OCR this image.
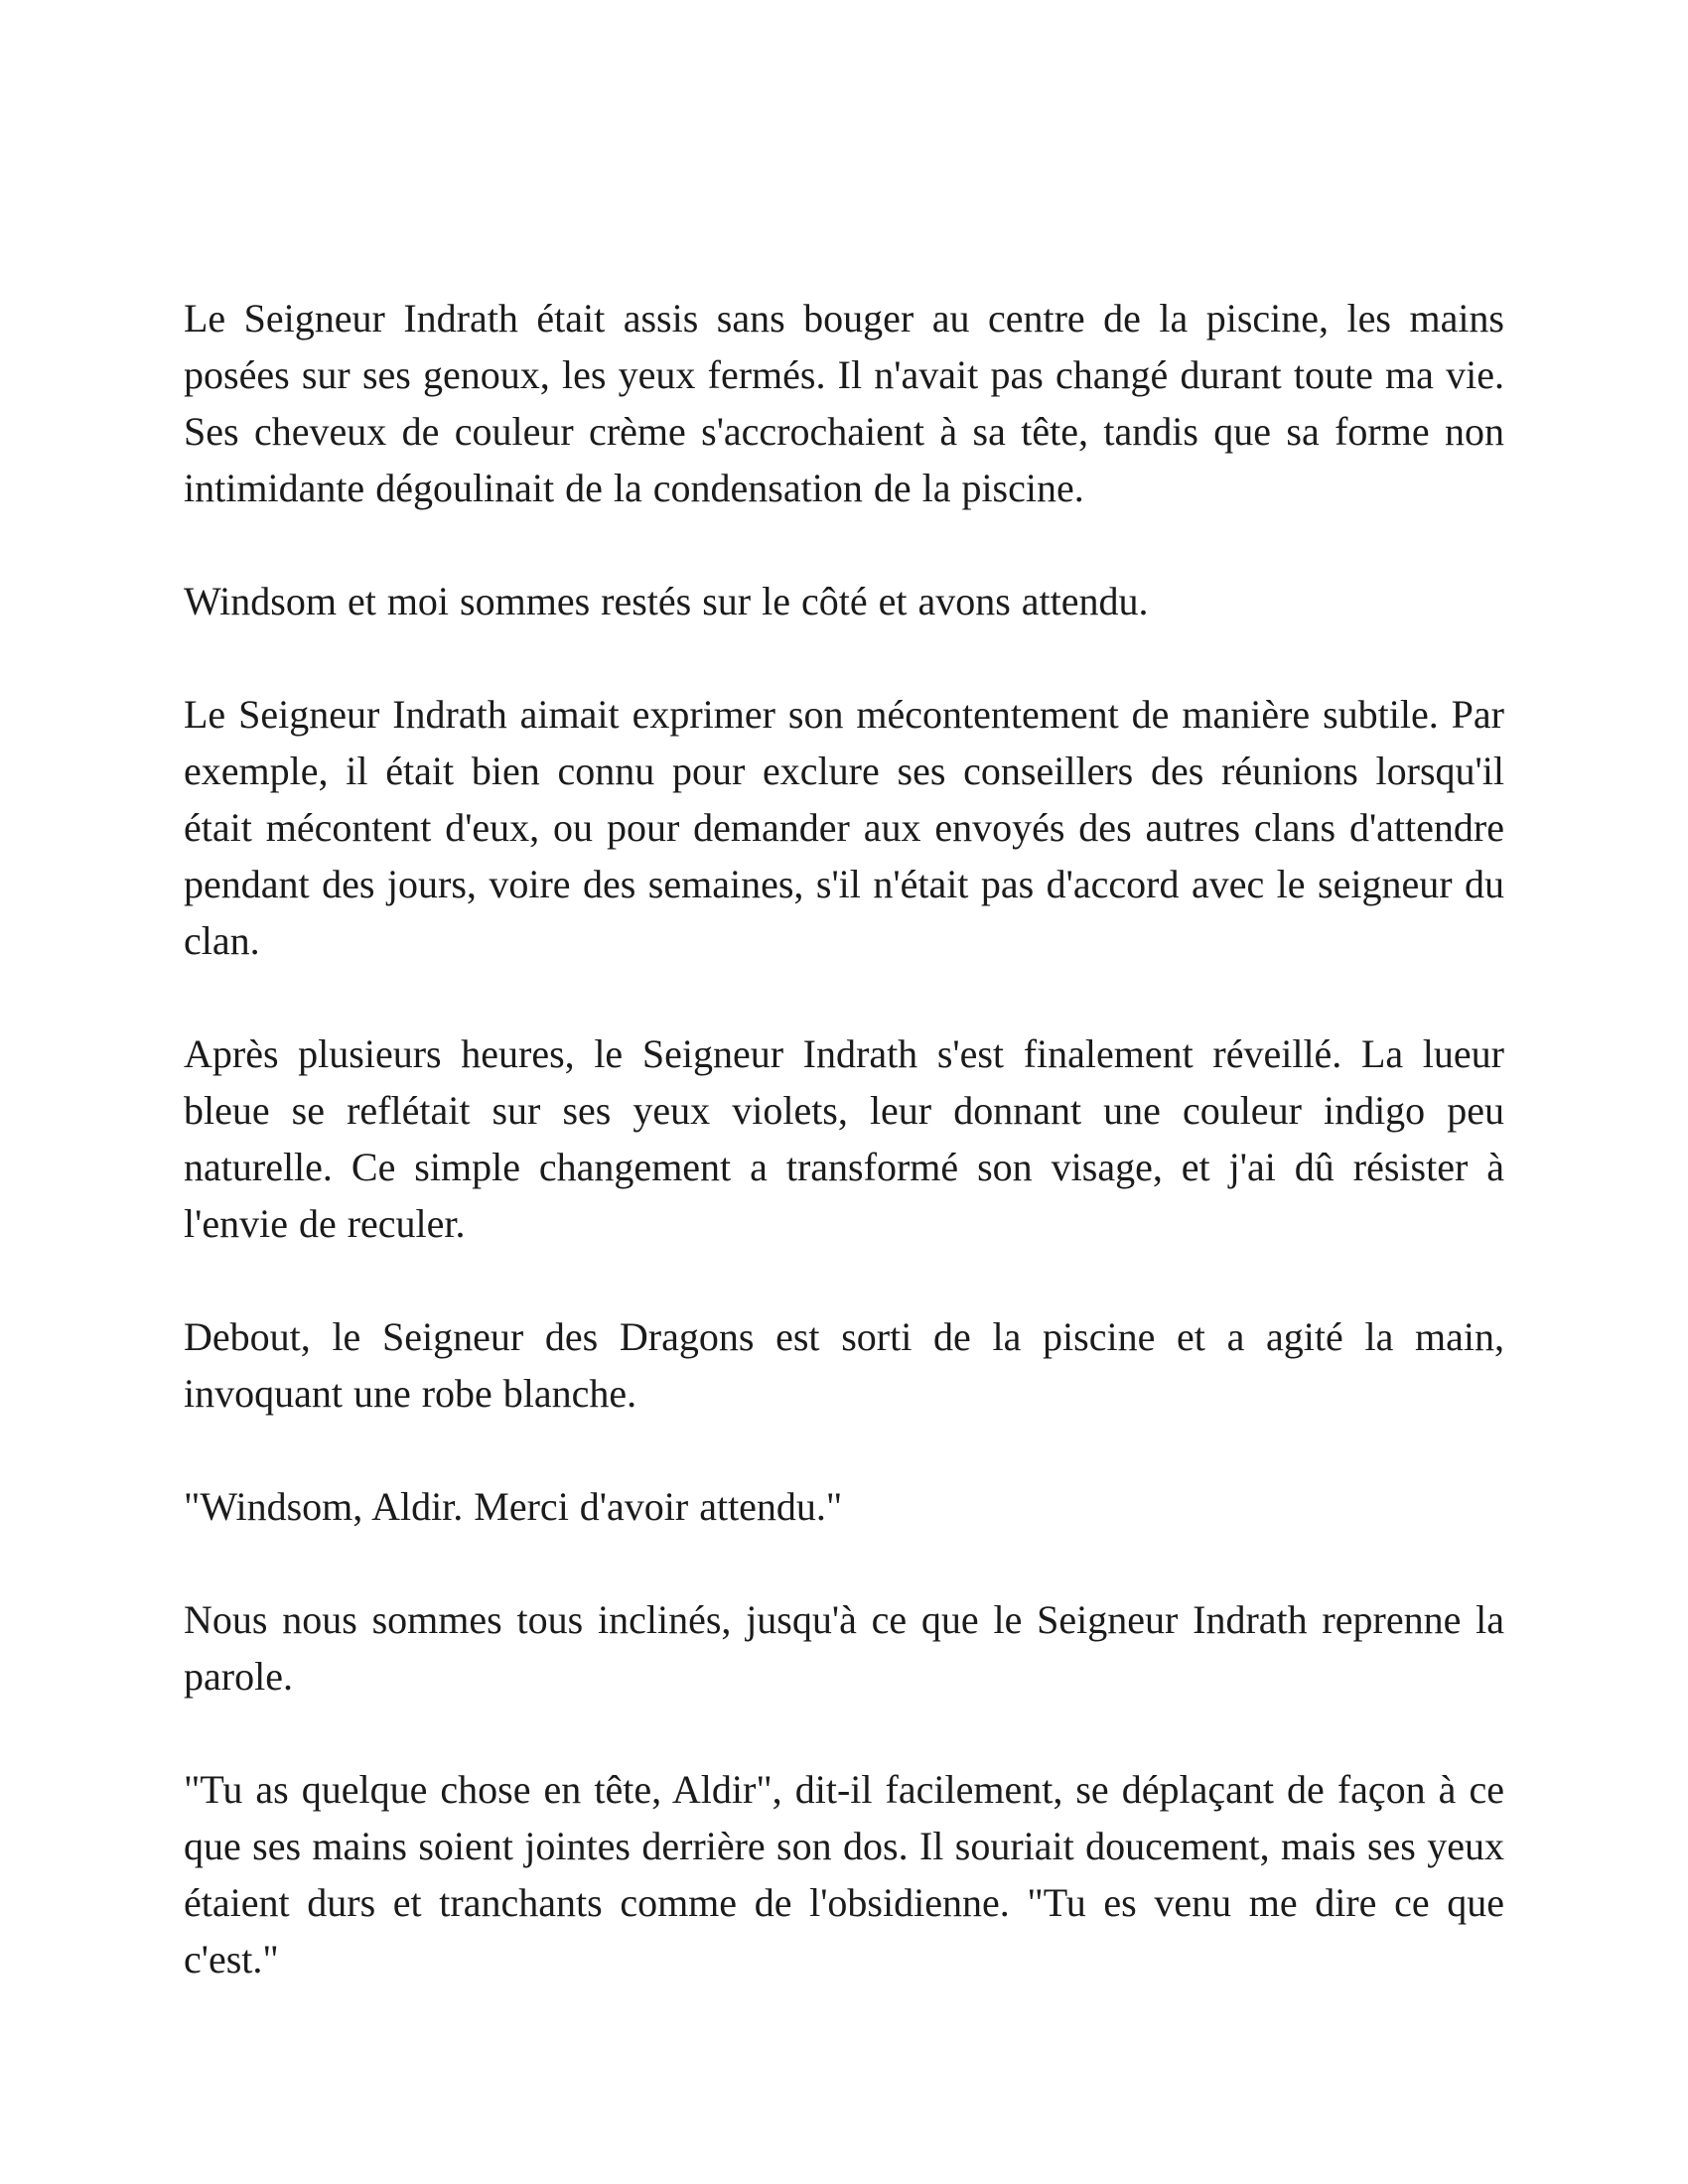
Le Seigneur Indrath était assis sans bouger au centre de la piscine, les mains posées sur ses genoux, les yeux fermés. Il n'avait pas changé durant toute ma vie. Ses cheveux de couleur crème s'accrochaient à sa tête, tandis que sa forme non intimidante dégoulinait de la condensation de la piscine.

Windsom et moi sommes restés sur le côté et avons attendu.

Le Seigneur Indrath aimait exprimer son mécontentement de manière subtile. Par exemple, il était bien connu pour exclure ses conseillers des réunions lorsqu'il était mécontent d'eux, ou pour demander aux envoyés des autres clans d'attendre pendant des jours, voire des semaines, s'il n'était pas d'accord avec le seigneur du clan.

Après plusieurs heures, le Seigneur Indrath s'est finalement réveillé. La lueur bleue se reflétait sur ses yeux violets, leur donnant une couleur indigo peu naturelle. Ce simple changement a transformé son visage, et j'ai dû résister à l'envie de reculer.

Debout, le Seigneur des Dragons est sorti de la piscine et a agité la main, invoquant une robe blanche.

"Windsom, Aldir. Merci d'avoir attendu."

Nous nous sommes tous inclinés, jusqu'à ce que le Seigneur Indrath reprenne la parole.

"Tu as quelque chose en tête, Aldir", dit-il facilement, se déplaçant de façon à ce que ses mains soient jointes derrière son dos. Il souriait doucement, mais ses yeux étaient durs et tranchants comme de l'obsidienne. "Tu es venu me dire ce que c'est."
